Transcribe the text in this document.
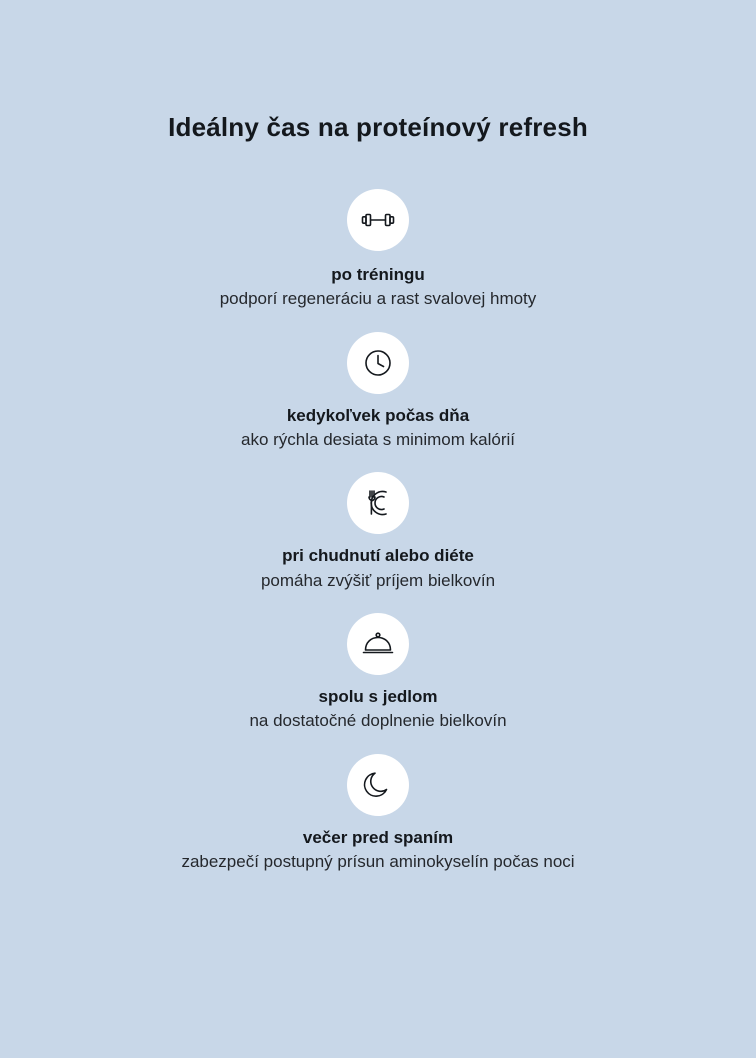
Ideálny čas na proteínový refresh
po tréningu
podporí regeneráciu a rast svalovej hmoty
kedykoľvek počas dňa
ako rýchla desiata s minimom kalórií
pri chudnutí alebo diéte
pomáha zvýšiť príjem bielkovín
spolu s jedlom
na dostatočné doplnenie bielkovín
večer pred spaním
zabezpečí postupný prísun aminokyselín počas noci
